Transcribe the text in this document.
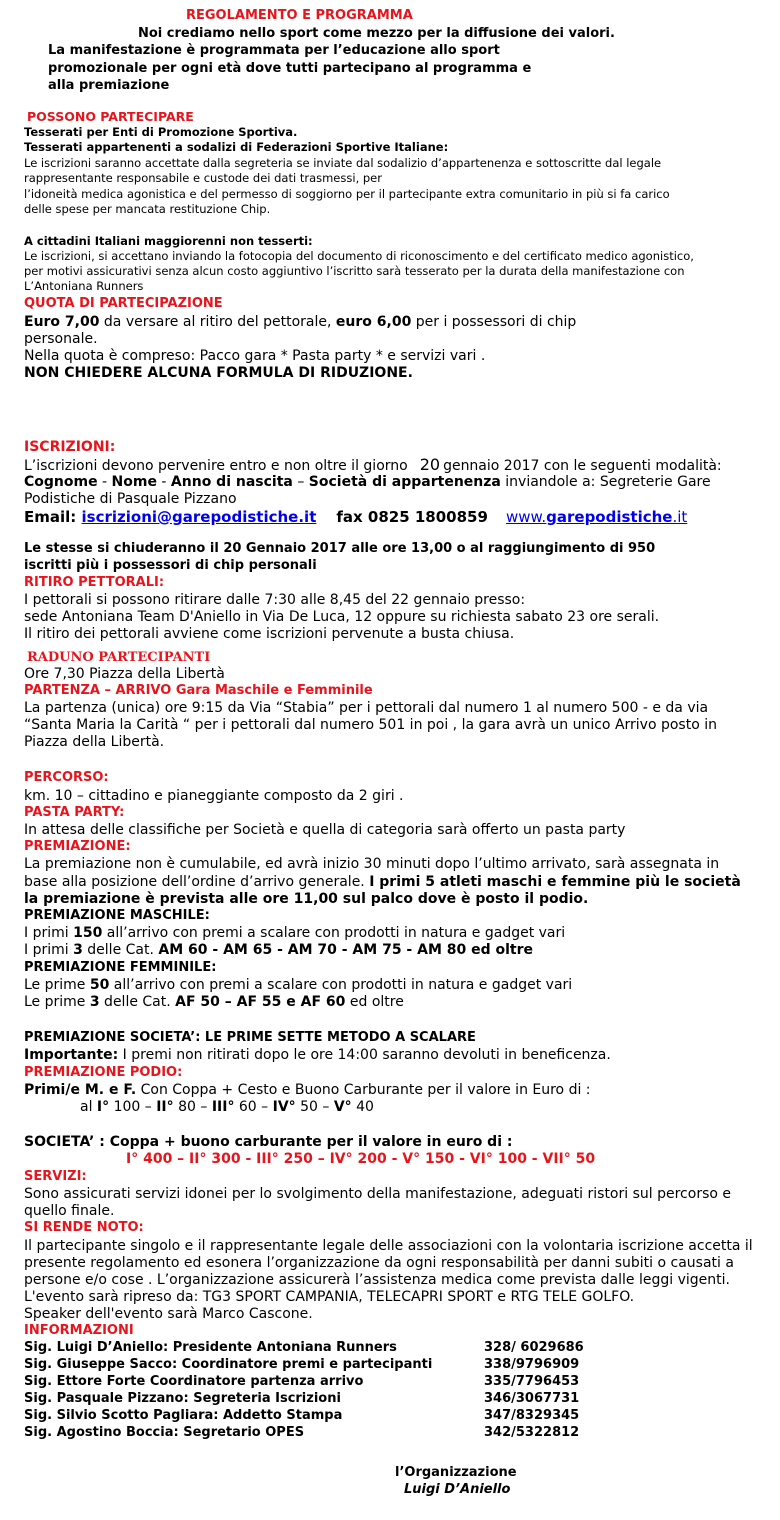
REGOLAMENTO E PROGRAMMA
Noi crediamo nello sport come mezzo per la diffusione dei valori.
La manifestazione è programmata per l’educazione allo sport
promozionale per ogni età dove tutti partecipano al programma e
alla premiazione
POSSONO PARTECIPARE
Tesserati per Enti di Promozione Sportiva.
Tesserati appartenenti a sodalizi di Federazioni Sportive Italiane:
Le iscrizioni saranno accettate dalla segreteria se inviate dal sodalizio d’appartenenza e sottoscritte dal legale
rappresentante responsabile e custode dei dati trasmessi, per
l’idoneità medica agonistica e del permesso di soggiorno per il partecipante extra comunitario in più si fa carico
delle spese per mancata restituzione Chip.
A cittadini Italiani maggiorenni non tesserti:
Le iscrizioni, si accettano inviando la fotocopia del documento di riconoscimento e del certificato medico agonistico,
per motivi assicurativi senza alcun costo aggiuntivo l’iscritto sarà tesserato per la durata della manifestazione con
L’Antoniana Runners
QUOTA DI PARTECIPAZIONE
Euro 7,00 da versare al ritiro del pettorale, euro 6,00 per i possessori di chip
personale.
Nella quota è compreso: Pacco gara * Pasta party * e servizi vari .
NON CHIEDERE ALCUNA FORMULA DI RIDUZIONE.
ISCRIZIONI:
L’iscrizioni devono pervenire entro e non oltre il giorno 20 gennaio 2017 con le seguenti modalità:
Cognome - Nome - Anno di nascita – Società di appartenenza inviandole a: Segreterie Gare
Podistiche di Pasquale Pizzano
Email: iscrizioni@garepodistiche.it fax 0825 1800859 www.garepodistiche.it
Le stesse si chiuderanno il 20 Gennaio 2017 alle ore 13,00 o al raggiungimento di 950
iscritti più i possessori di chip personali
RITIRO PETTORALI:
I pettorali si possono ritirare dalle 7:30 alle 8,45 del 22 gennaio presso:
sede Antoniana Team D'Aniello in Via De Luca, 12 oppure su richiesta sabato 23 ore serali.
Il ritiro dei pettorali avviene come iscrizioni pervenute a busta chiusa.
RADUNO PARTECIPANTI
Ore 7,30 Piazza della Libertà
PARTENZA – ARRIVO Gara Maschile e Femminile
La partenza (unica) ore 9:15 da Via “Stabia” per i pettorali dal numero 1 al numero 500 - e da via
“Santa Maria la Carità “ per i pettorali dal numero 501 in poi , la gara avrà un unico Arrivo posto in
Piazza della Libertà.
PERCORSO:
km. 10 – cittadino e pianeggiante composto da 2 giri .
PASTA PARTY:
In attesa delle classifiche per Società e quella di categoria sarà offerto un pasta party
PREMIAZIONE:
La premiazione non è cumulabile, ed avrà inizio 30 minuti dopo l’ultimo arrivato, sarà assegnata in
base alla posizione dell’ordine d’arrivo generale. I primi 5 atleti maschi e femmine più le società
la premiazione è prevista alle ore 11,00 sul palco dove è posto il podio.
PREMIAZIONE MASCHILE:
I primi 150 all’arrivo con premi a scalare con prodotti in natura e gadget vari
I primi 3 delle Cat. AM 60 - AM 65 - AM 70 - AM 75 - AM 80 ed oltre
PREMIAZIONE FEMMINILE:
Le prime 50 all’arrivo con premi a scalare con prodotti in natura e gadget vari
Le prime 3 delle Cat. AF 50 – AF 55 e AF 60 ed oltre
PREMIAZIONE SOCIETA’: LE PRIME SETTE METODO A SCALARE
Importante: I premi non ritirati dopo le ore 14:00 saranno devoluti in beneficenza.
PREMIAZIONE PODIO:
Primi/e M. e F. Con Coppa + Cesto e Buono Carburante per il valore in Euro di :
al I° 100 – II° 80 – III° 60 – IV° 50 – V° 40
SOCIETA’ : Coppa + buono carburante per il valore in euro di :
I° 400 – II° 300 - III° 250 – IV° 200 - V° 150 - VI° 100 - VII° 50
SERVIZI:
Sono assicurati servizi idonei per lo svolgimento della manifestazione, adeguati ristori sul percorso e
quello finale.
SI RENDE NOTO:
Il partecipante singolo e il rappresentante legale delle associazioni con la volontaria iscrizione accetta il
presente regolamento ed esonera l’organizzazione da ogni responsabilità per danni subiti o causati a
persone e/o cose . L’organizzazione assicurerà l’assistenza medica come prevista dalle leggi vigenti.
L'evento sarà ripreso da: TG3 SPORT CAMPANIA, TELECAPRI SPORT e RTG TELE GOLFO.
Speaker dell'evento sarà Marco Cascone.
INFORMAZIONI
Sig. Luigi D’Aniello: Presidente Antoniana Runners	328/ 6029686
Sig. Giuseppe Sacco: Coordinatore premi e partecipanti	338/9796909
Sig. Ettore Forte Coordinatore partenza arrivo	335/7796453
Sig. Pasquale Pizzano: Segreteria Iscrizioni	346/3067731
Sig. Silvio Scotto Pagliara: Addetto Stampa	347/8329345
Sig. Agostino Boccia: Segretario OPES	342/5322812
l’Organizzazione
Luigi D’Aniello
